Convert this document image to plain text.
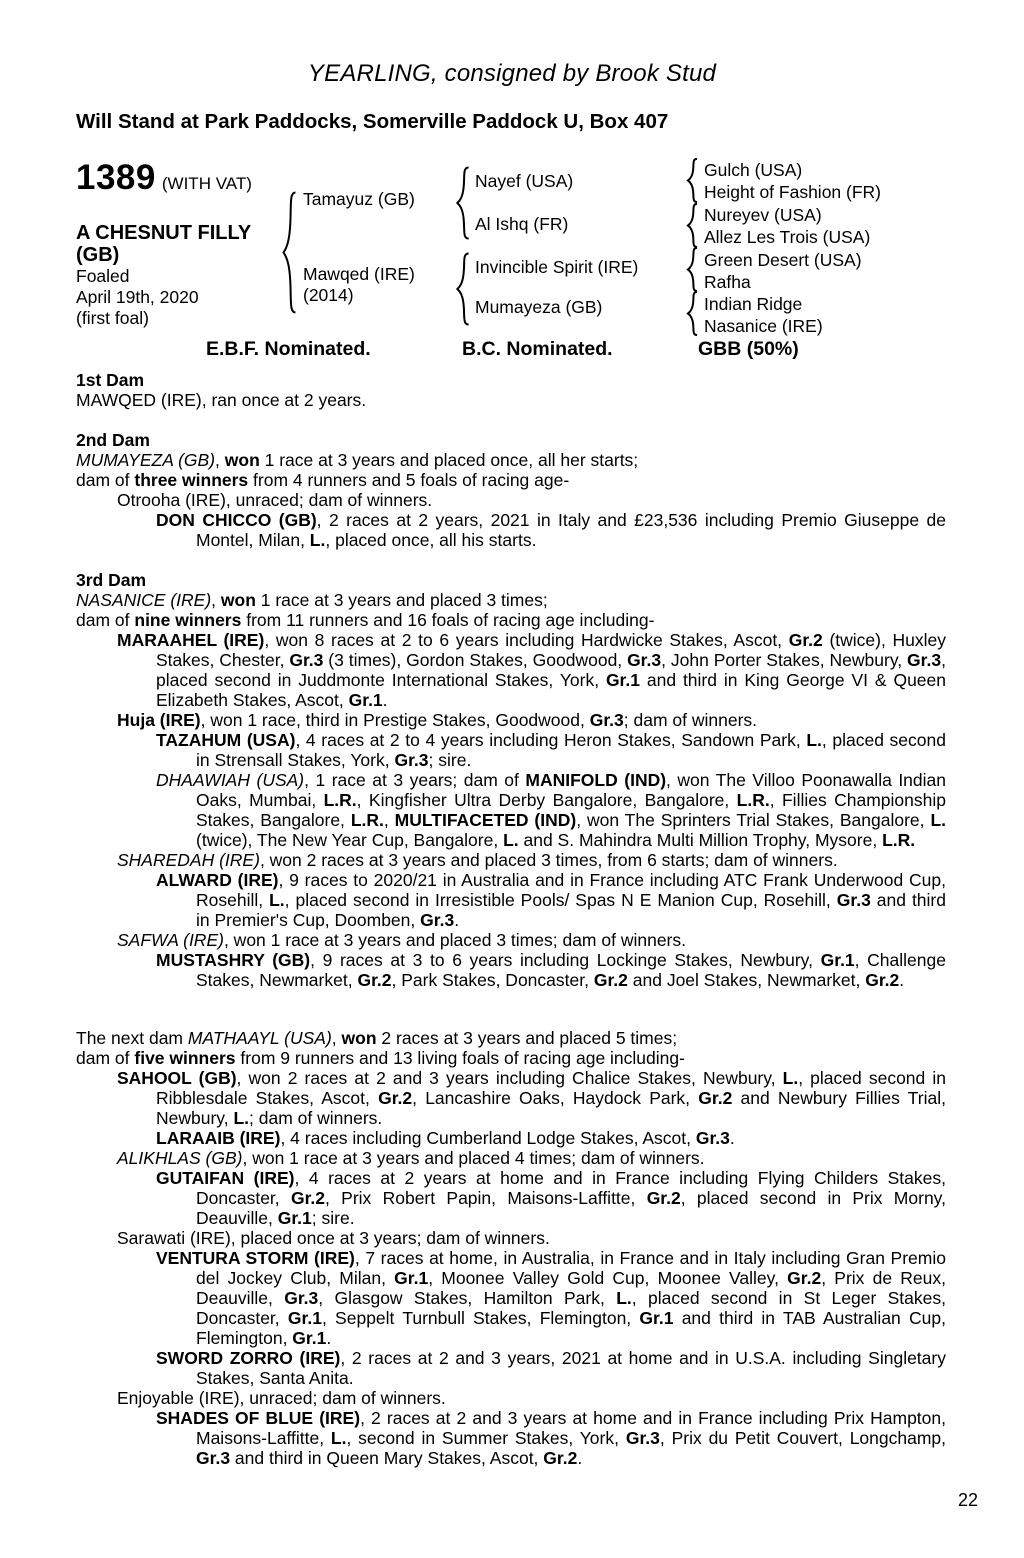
YEARLING, consigned by Brook Stud
Will Stand at Park Paddocks, Somerville Paddock U, Box 407
1389 (WITH VAT)
A CHESNUT FILLY
(GB)
Foaled
April 19th, 2020
(first foal)
Tamayuz (GB)
Mawqed (IRE)
(2014)
Nayef (USA)
Al Ishq (FR)
Invincible Spirit (IRE)
Mumayeza (GB)
Gulch (USA)
Height of Fashion (FR)
Nureyev (USA)
Allez Les Trois (USA)
Green Desert (USA)
Rafha
Indian Ridge
Nasanice (IRE)
E.B.F. Nominated.	B.C. Nominated.	GBB (50%)

1st Dam

MAWQED (IRE), ran once at 2 years.

2nd Dam

MUMAYEZA (GB), won 1 race at 3 years and placed once, all her starts;

dam of three winners from 4 runners and 5 foals of racing age-

Otrooha (IRE), unraced; dam of winners.

DON CHICCO (GB), 2 races at 2 years, 2021 in Italy and £23,536 including Premio Giuseppe de Montel, Milan, L., placed once, all his starts.

3rd Dam

NASANICE (IRE), won 1 race at 3 years and placed 3 times;

dam of nine winners from 11 runners and 16 foals of racing age including-

MARAAHEL (IRE), won 8 races at 2 to 6 years including Hardwicke Stakes, Ascot, Gr.2 (twice), Huxley Stakes, Chester, Gr.3 (3 times), Gordon Stakes, Goodwood, Gr.3, John Porter Stakes, Newbury, Gr.3, placed second in Juddmonte International Stakes, York, Gr.1 and third in King George VI & Queen Elizabeth Stakes, Ascot, Gr.1.

Huja (IRE), won 1 race, third in Prestige Stakes, Goodwood, Gr.3; dam of winners.

TAZAHUM (USA), 4 races at 2 to 4 years including Heron Stakes, Sandown Park, L., placed second in Strensall Stakes, York, Gr.3; sire.

DHAAWIAH (USA), 1 race at 3 years; dam of MANIFOLD (IND), won The Villoo Poonawalla Indian Oaks, Mumbai, L.R., Kingfisher Ultra Derby Bangalore, Bangalore, L.R., Fillies Championship Stakes, Bangalore, L.R., MULTIFACETED (IND), won The Sprinters Trial Stakes, Bangalore, L. (twice), The New Year Cup, Bangalore, L. and S. Mahindra Multi Million Trophy, Mysore, L.R.

SHAREDAH (IRE), won 2 races at 3 years and placed 3 times, from 6 starts; dam of winners.

ALWARD (IRE), 9 races to 2020/21 in Australia and in France including ATC Frank Underwood Cup, Rosehill, L., placed second in Irresistible Pools/ Spas N E Manion Cup, Rosehill, Gr.3 and third in Premier's Cup, Doomben, Gr.3.

SAFWA (IRE), won 1 race at 3 years and placed 3 times; dam of winners.

MUSTASHRY (GB), 9 races at 3 to 6 years including Lockinge Stakes, Newbury, Gr.1, Challenge Stakes, Newmarket, Gr.2, Park Stakes, Doncaster, Gr.2 and Joel Stakes, Newmarket, Gr.2.

The next dam MATHAAYL (USA), won 2 races at 3 years and placed 5 times;

dam of five winners from 9 runners and 13 living foals of racing age including-

SAHOOL (GB), won 2 races at 2 and 3 years including Chalice Stakes, Newbury, L., placed second in Ribblesdale Stakes, Ascot, Gr.2, Lancashire Oaks, Haydock Park, Gr.2 and Newbury Fillies Trial, Newbury, L.; dam of winners.

LARAAIB (IRE), 4 races including Cumberland Lodge Stakes, Ascot, Gr.3.

ALIKHLAS (GB), won 1 race at 3 years and placed 4 times; dam of winners.

GUTAIFAN (IRE), 4 races at 2 years at home and in France including Flying Childers Stakes, Doncaster, Gr.2, Prix Robert Papin, Maisons-Laffitte, Gr.2, placed second in Prix Morny, Deauville, Gr.1; sire.

Sarawati (IRE), placed once at 3 years; dam of winners.

VENTURA STORM (IRE), 7 races at home, in Australia, in France and in Italy including Gran Premio del Jockey Club, Milan, Gr.1, Moonee Valley Gold Cup, Moonee Valley, Gr.2, Prix de Reux, Deauville, Gr.3, Glasgow Stakes, Hamilton Park, L., placed second in St Leger Stakes, Doncaster, Gr.1, Seppelt Turnbull Stakes, Flemington, Gr.1 and third in TAB Australian Cup, Flemington, Gr.1.

SWORD ZORRO (IRE), 2 races at 2 and 3 years, 2021 at home and in U.S.A. including Singletary Stakes, Santa Anita.

Enjoyable (IRE), unraced; dam of winners.

SHADES OF BLUE (IRE), 2 races at 2 and 3 years at home and in France including Prix Hampton, Maisons-Laffitte, L., second in Summer Stakes, York, Gr.3, Prix du Petit Couvert, Longchamp, Gr.3 and third in Queen Mary Stakes, Ascot, Gr.2.

22
